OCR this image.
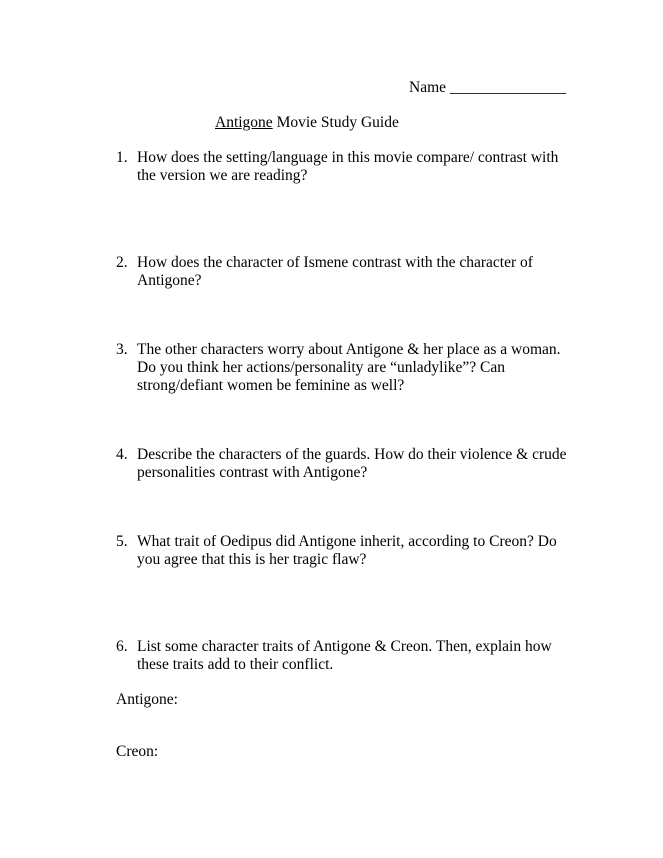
Name _______________
Antigone Movie Study Guide
1. How does the setting/language in this movie compare/ contrast with the version we are reading?
2. How does the character of Ismene contrast with the character of Antigone?
3. The other characters worry about Antigone & her place as a woman. Do you think her actions/personality are “unladylike”? Can strong/defiant women be feminine as well?
4. Describe the characters of the guards. How do their violence & crude personalities contrast with Antigone?
5. What trait of Oedipus did Antigone inherit, according to Creon? Do you agree that this is her tragic flaw?
6. List some character traits of Antigone & Creon. Then, explain how these traits add to their conflict.
Antigone:
Creon:
